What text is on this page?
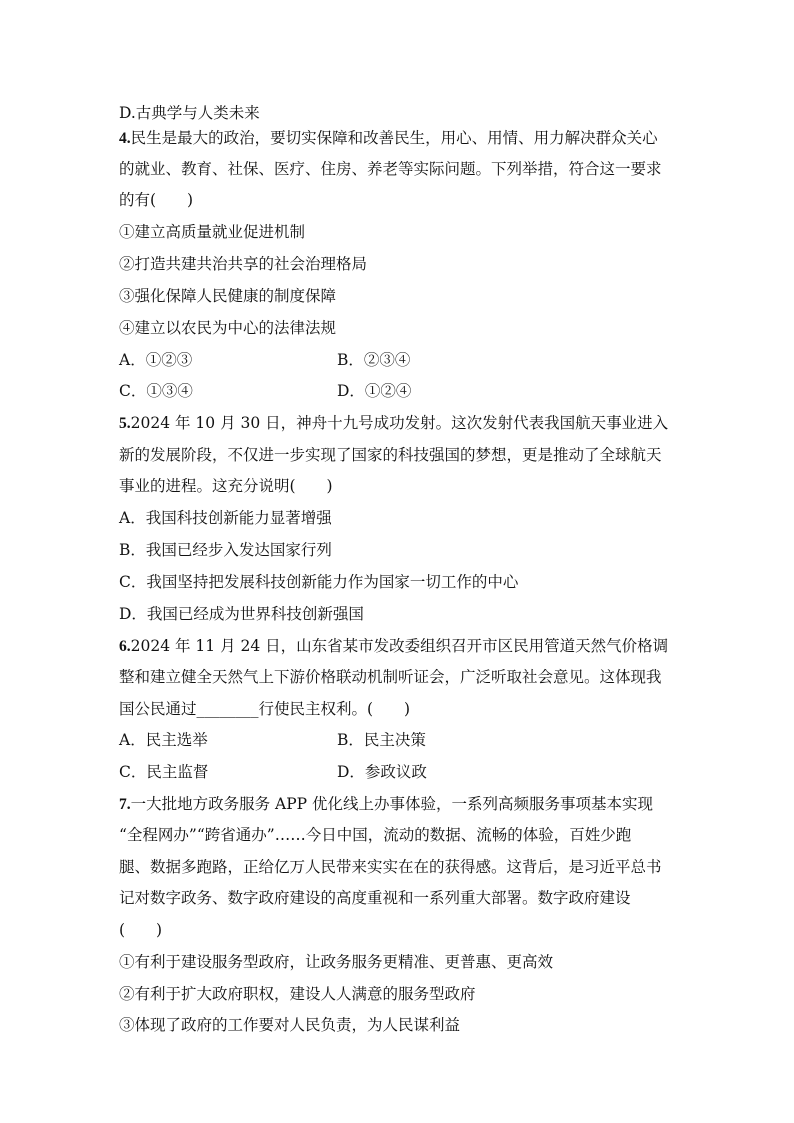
D.古典学与人类未来
4.民生是最大的政治，要切实保障和改善民生，用心、用情、用力解决群众关心
的就业、教育、社保、医疗、住房、养老等实际问题。下列举措，符合这一要求
的有(　　)
①建立高质量就业促进机制
②打造共建共治共享的社会治理格局
③强化保障人民健康的制度保障
④建立以农民为中心的法律法规
A．①②③	B．②③④
C．①③④	D．①②④
5.2024 年 10 月 30 日，神舟十九号成功发射。这次发射代表我国航天事业进入
新的发展阶段，不仅进一步实现了国家的科技强国的梦想，更是推动了全球航天
事业的进程。这充分说明(　　)
A．我国科技创新能力显著增强
B．我国已经步入发达国家行列
C．我国坚持把发展科技创新能力作为国家一切工作的中心
D．我国已经成为世界科技创新强国
6.2024 年 11 月 24 日，山东省某市发改委组织召开市区民用管道天然气价格调
整和建立健全天然气上下游价格联动机制听证会，广泛听取社会意见。这体现我
国公民通过________行使民主权利。(　　)
A．民主选举	B．民主决策
C．民主监督	D．参政议政
7.一大批地方政务服务 APP 优化线上办事体验，一系列高频服务事项基本实现
“全程网办”“跨省通办”……今日中国，流动的数据、流畅的体验，百姓少跑
腿、数据多跑路，正给亿万人民带来实实在在的获得感。这背后，是习近平总书
记对数字政务、数字政府建设的高度重视和一系列重大部署。数字政府建设
(　　)
①有利于建设服务型政府，让政务服务更精准、更普惠、更高效
②有利于扩大政府职权，建设人人满意的服务型政府
③体现了政府的工作要对人民负责，为人民谋利益
